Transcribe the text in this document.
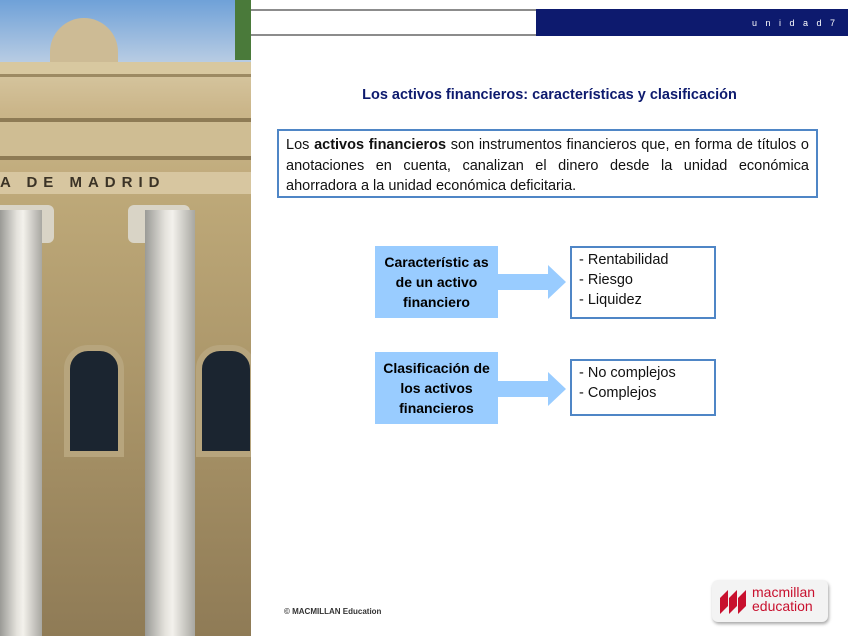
A DE MADRID
u n i d a d 7
Los activos financieros: características y clasificación
Los activos financieros son instrumentos financieros que, en forma de títulos o anotaciones en cuenta, canalizan el dinero desde la unidad económica ahorradora a la unidad económica deficitaria.
Característic as de un activo financiero
- Rentabilidad
- Riesgo
- Liquidez
Clasificación de los activos financieros
- No complejos
- Complejos
© MACMILLAN Education
macmillan
education
